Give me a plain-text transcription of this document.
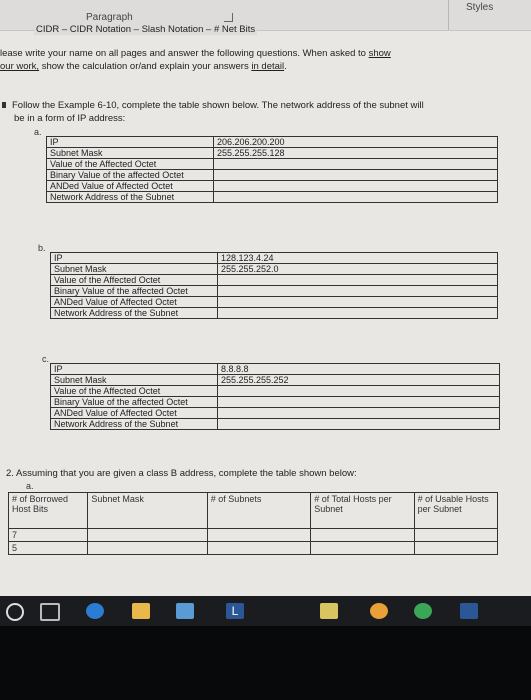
Paragraph
Styles
CIDR – CIDR Notation – Slash Notation – # Net Bits
lease write your name on all pages and answer the following questions. When asked to show
our work, show the calculation or/and explain your answers in detail.
Follow the Example 6-10, complete the table shown below. The network address of the subnet will
be in a form of IP address:
a.
IP	206.206.200.200
Subnet Mask	255.255.255.128
Value of the Affected Octet	
Binary Value of the affected Octet	
ANDed Value of Affected Octet	
Network Address of the Subnet	
b.
IP	128.123.4.24
Subnet Mask	255.255.252.0
Value of the Affected Octet	
Binary Value of the affected Octet	
ANDed Value of Affected Octet	
Network Address of the Subnet	
c.
IP	8.8.8.8
Subnet Mask	255.255.255.252
Value of the Affected Octet	
Binary Value of the affected Octet	
ANDed Value of Affected Octet	
Network Address of the Subnet	
2. Assuming that you are given a class B address, complete the table shown below:
a.
# of Borrowed Host Bits	Subnet Mask	# of Subnets	# of Total Hosts per Subnet	# of Usable Hosts per Subnet
7				
5				
L
